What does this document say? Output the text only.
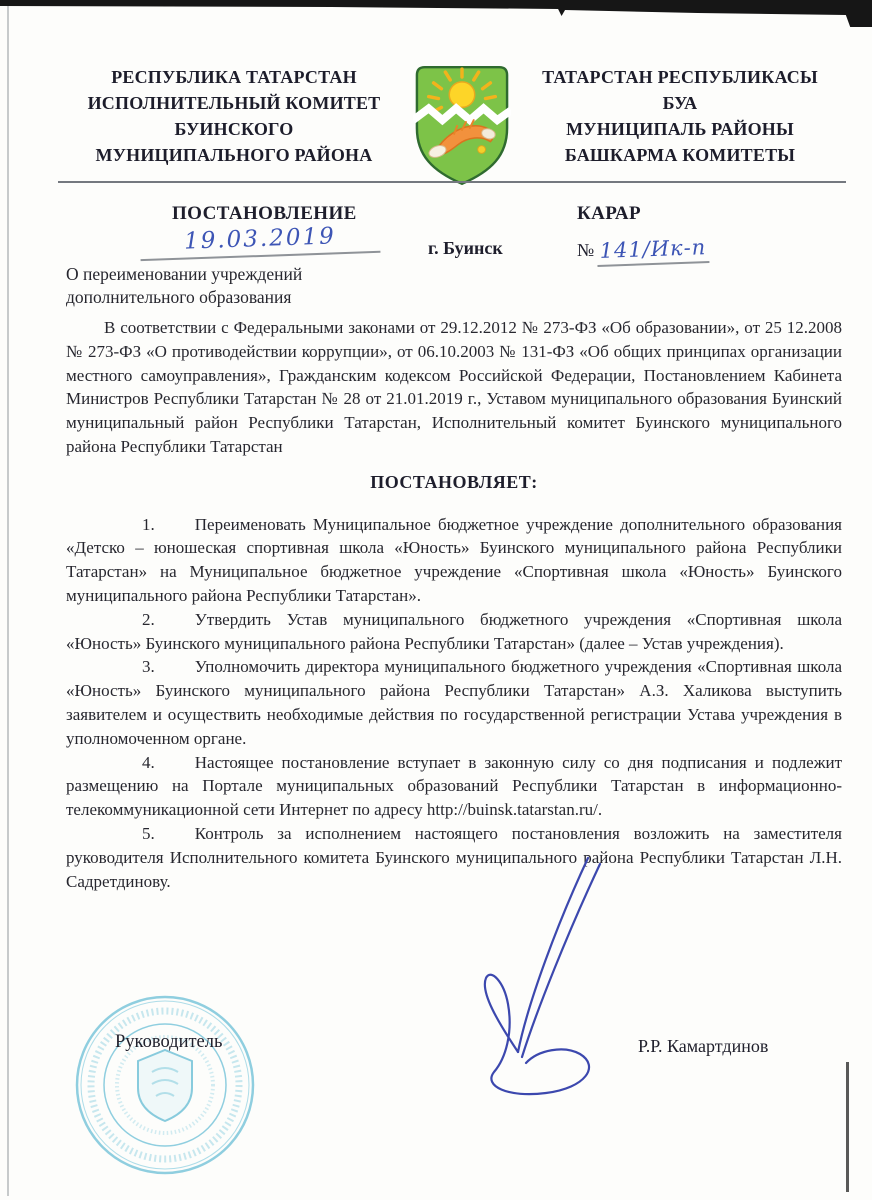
РЕСПУБЛИКА ТАТАРСТАН
ИСПОЛНИТЕЛЬНЫЙ КОМИТЕТ
БУИНСКОГО
МУНИЦИПАЛЬНОГО РАЙОНА
ТАТАРСТАН РЕСПУБЛИКАСЫ
БУА
МУНИЦИПАЛЬ РАЙОНЫ
БАШКАРМА КОМИТЕТЫ
ПОСТАНОВЛЕНИЕ	КАРАР
19.03.2019	г. Буинск	№ 141/Ик-п
О переименовании учреждений дополнительного образования

В соответствии с Федеральными законами от 29.12.2012 № 273-ФЗ «Об образовании», от 25 12.2008 № 273-ФЗ «О противодействии коррупции», от 06.10.2003 № 131-ФЗ «Об общих принципах организации местного самоуправления», Гражданским кодексом Российской Федерации, Постановлением Кабинета Министров Республики Татарстан № 28 от 21.01.2019 г., Уставом муниципального образования Буинский муниципальный район Республики Татарстан, Исполнительный комитет Буинского муниципального района Республики Татарстан

ПОСТАНОВЛЯЕТ:

1. Переименовать Муниципальное бюджетное учреждение дополнительного образования «Детско – юношеская спортивная школа «Юность» Буинского муниципального района Республики Татарстан» на Муниципальное бюджетное учреждение «Спортивная школа «Юность» Буинского муниципального района Республики Татарстан».

2. Утвердить Устав муниципального бюджетного учреждения «Спортивная школа «Юность» Буинского муниципального района Республики Татарстан» (далее – Устав учреждения).

3. Уполномочить директора муниципального бюджетного учреждения «Спортивная школа «Юность» Буинского муниципального района Республики Татарстан» А.З. Халикова выступить заявителем и осуществить необходимые действия по государственной регистрации Устава учреждения в уполномоченном органе.

4. Настоящее постановление вступает в законную силу со дня подписания и подлежит размещению на Портале муниципальных образований Республики Татарстан в информационно-телекоммуникационной сети Интернет по адресу http://buinsk.tatarstan.ru/.

5. Контроль за исполнением настоящего постановления возложить на заместителя руководителя Исполнительного комитета Буинского муниципального района Республики Татарстан Л.Н. Садретдинову.

Руководитель	Р.Р. Камартдинов
